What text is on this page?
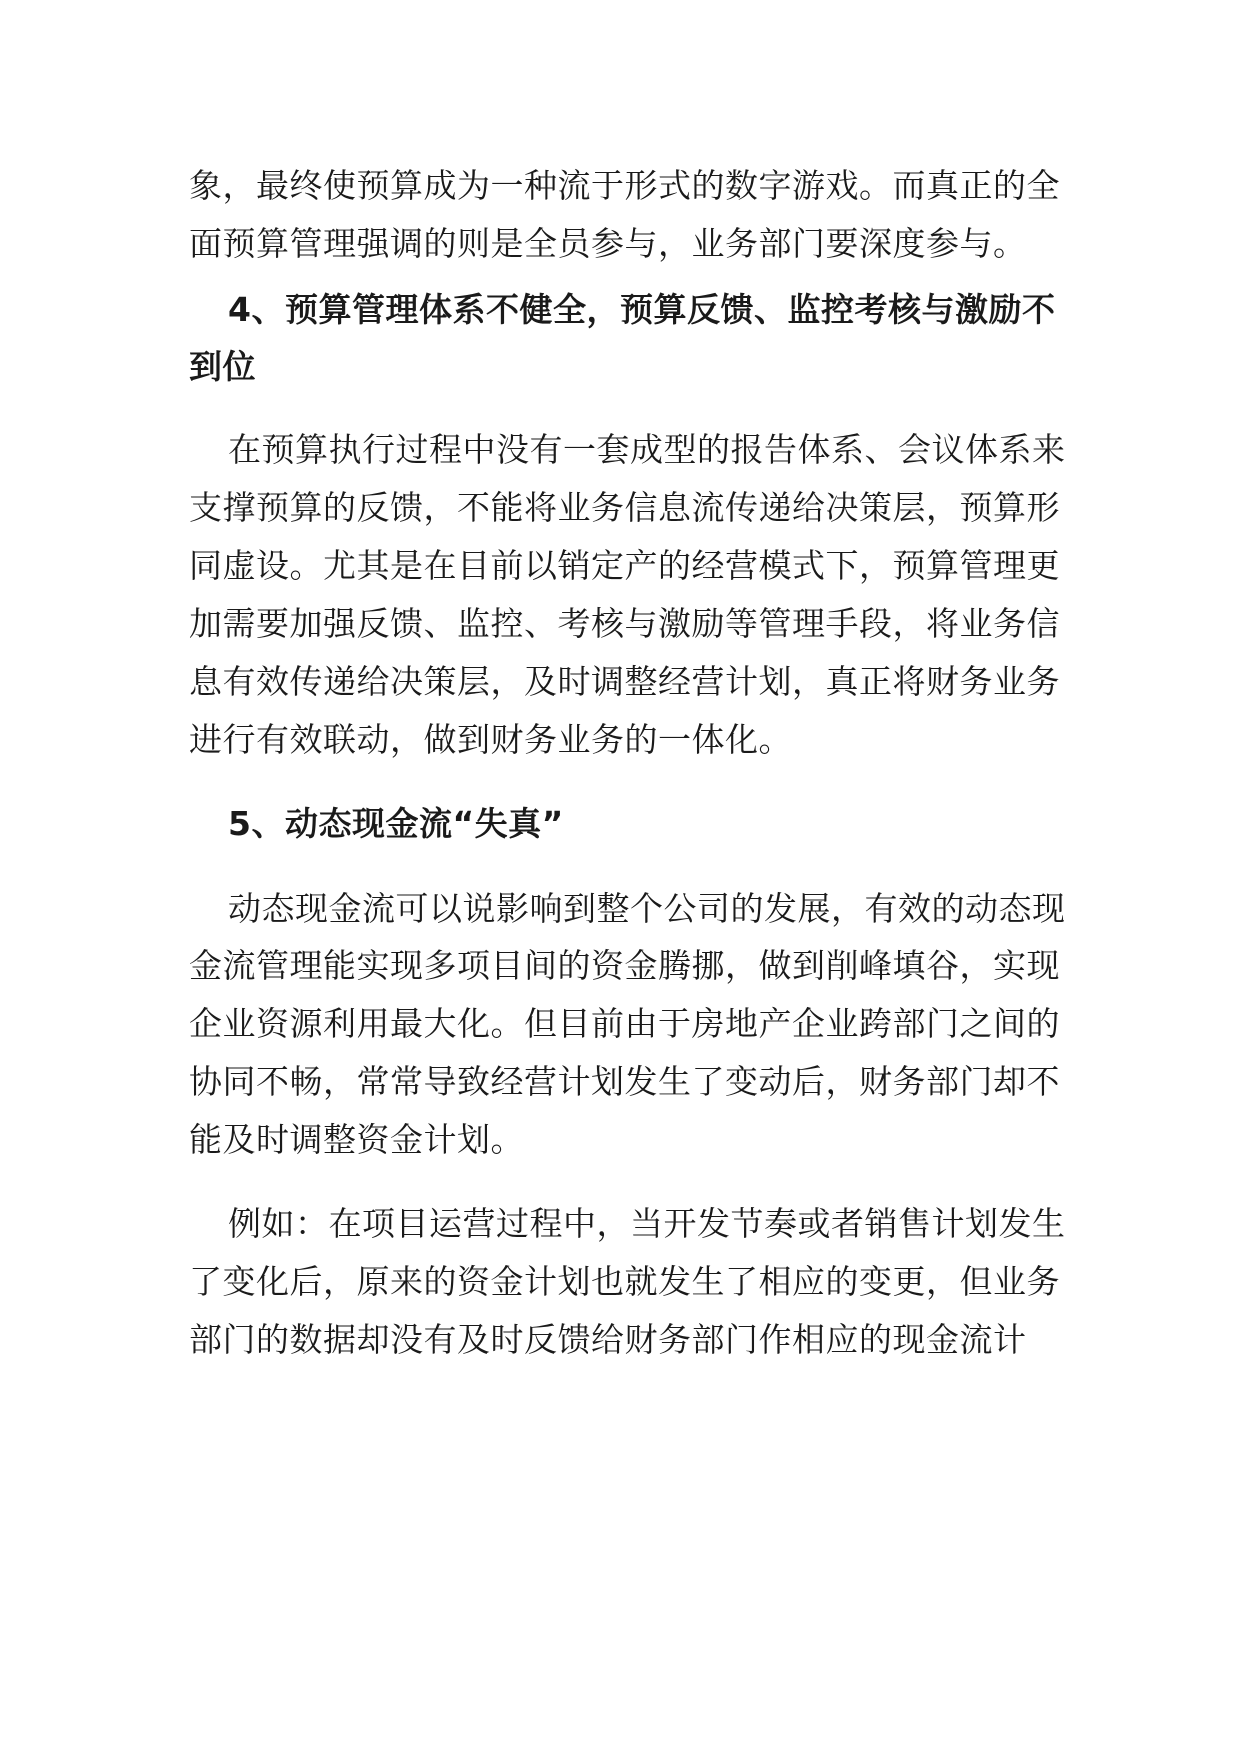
象，最终使预算成为一种流于形式的数字游戏。而真正的全
面预算管理强调的则是全员参与，业务部门要深度参与。
4、预算管理体系不健全，预算反馈、监控考核与激励不
到位
在预算执行过程中没有一套成型的报告体系、会议体系来
支撑预算的反馈，不能将业务信息流传递给决策层，预算形
同虚设。尤其是在目前以销定产的经营模式下，预算管理更
加需要加强反馈、监控、考核与激励等管理手段，将业务信
息有效传递给决策层，及时调整经营计划，真正将财务业务
进行有效联动，做到财务业务的一体化。
5、动态现金流“失真”
动态现金流可以说影响到整个公司的发展，有效的动态现
金流管理能实现多项目间的资金腾挪，做到削峰填谷，实现
企业资源利用最大化。但目前由于房地产企业跨部门之间的
协同不畅，常常导致经营计划发生了变动后，财务部门却不
能及时调整资金计划。
例如：在项目运营过程中，当开发节奏或者销售计划发生
了变化后，原来的资金计划也就发生了相应的变更，但业务
部门的数据却没有及时反馈给财务部门作相应的现金流计
